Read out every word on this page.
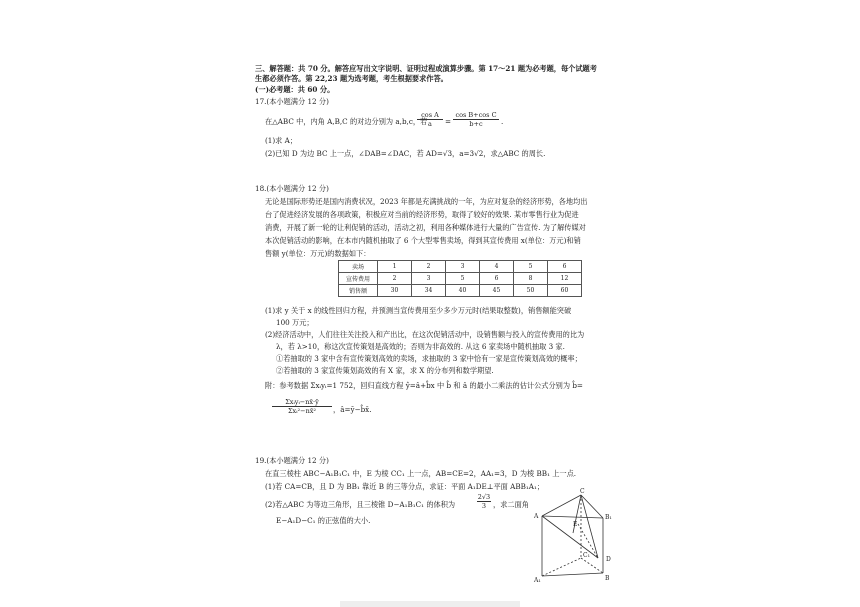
三、解答题：共 70 分。解答应写出文字说明、证明过程或演算步骤。第 17～21 题为必考题，每个试题考
生都必须作答。第 22,23 题为选考题，考生根据要求作答。
(一)必考题：共 60 分。
17.(本小题满分 12 分)
在△ABC 中，内角 A,B,C 的对边分别为 a,b,c，若
$\frac{\text{cos A}}{a} = \frac{\text{cos B+cos C}}{b+c}$ .
(1)求 A；
(2)已知 D 为边 BC 上一点，∠DAB=∠DAC，若 AD=√3，a=3√2，求△ABC 的周长.
18.(本小题满分 12 分)
无论是国际形势还是国内消费状况，2023 年都是充满挑战的一年，为应对复杂的经济形势，各地均出
台了促进经济发展的各项政策，积极应对当前的经济形势，取得了较好的效果. 某市零售行业为促进
消费，开展了新一轮的让利促销的活动，活动之初，利用各种媒体进行大量的广告宣传. 为了解传媒对
本次促销活动的影响，在本市内随机抽取了 6 个大型零售卖场，得到其宣传费用 x(单位：万元)和销
售额 y(单位：万元)的数据如下：
卖场	1	2	3	4	5	6
宣传费用	2	3	5	6	8	12
销售额	30	34	40	45	50	60
(1)求 y 关于 x 的线性回归方程，并预测当宣传费用至少多少万元时(结果取整数)，销售额能突破
100 万元；
(2)经济活动中，人们往往关注投入和产出比，在这次促销活动中，设销售额与投入的宣传费用的比为
λ，若 λ>10，称这次宣传策划是高效的；否则为非高效的. 从这 6 家卖场中随机抽取 3 家.
①若抽取的 3 家中含有宣传策划高效的卖场，求抽取的 3 家中恰有一家是宣传策划高效的概率；
②若抽取的 3 家宣传策划高效的有 X 家，求 X 的分布列和数学期望.
附：参考数据 Σxᵢyᵢ=1 752，回归直线方程 ŷ=â+b̂x 中 b̂ 和 â 的最小二乘法的估计公式分别为 b̂=
Σxᵢyᵢ−nx̄·ȳ
Σxᵢ²−nx̄²	，â=ȳ−b̂x̄.
19.(本小题满分 12 分)
在直三棱柱 ABC−A₁B₁C₁ 中，E 为棱 CC₁ 上一点，AB=CE=2，AA₁=3，D 为棱 BB₁ 上一点.
(1)若 CA=CB，且 D 为 BB₁ 靠近 B 的三等分点，求证：平面 A₁DE⊥平面 ABB₁A₁；
(2)若△ABC 为等边三角形，且三棱锥 D−A₁B₁C₁ 的体积为	$\frac{2√3}{3}$ ，求二面角
E−A₁D−C₁ 的正弦值的大小.	A
C
B₁
E
D
C₁
A₁	B
